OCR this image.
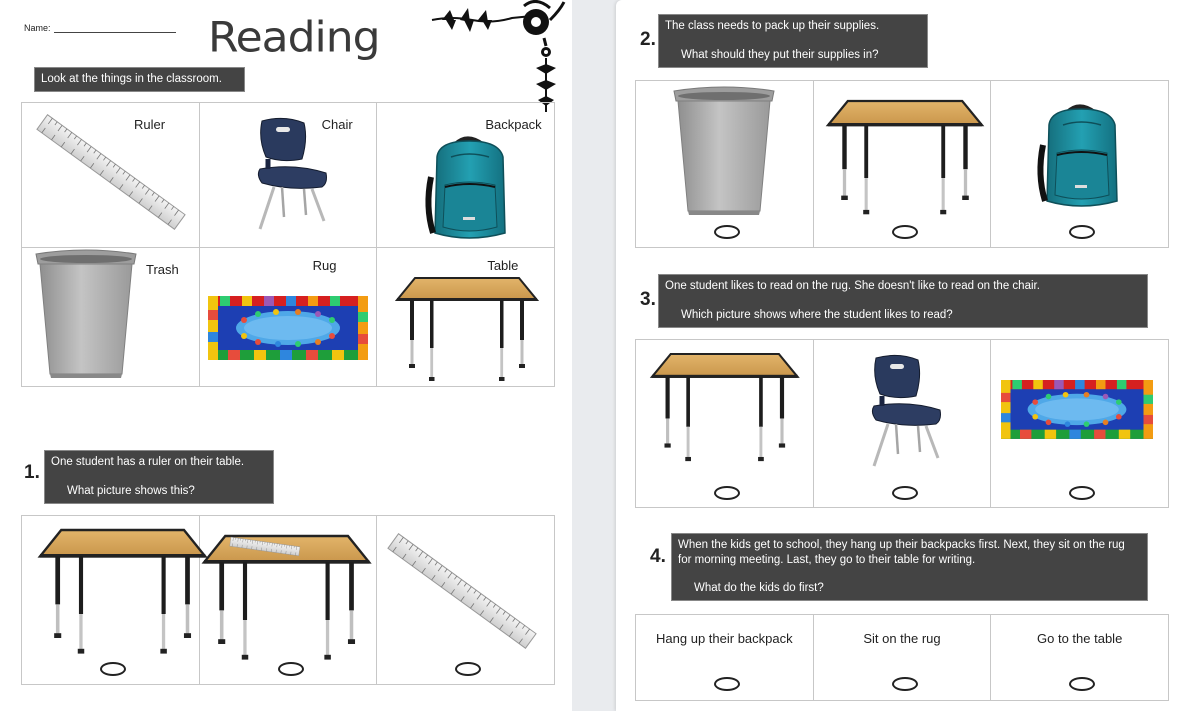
Name:	Reading
Look at the things in the classroom.
Ruler	Chair	Backpack

Trash	Rug	Table
1. One student has a ruler on their table.
What picture shows this?

2.
The class needs to pack up their supplies.
What should they put their supplies in?

3.
One student likes to read on the rug. She doesn't like to read on the chair.
Which picture shows where the student likes to read?

4.
When the kids get to school, they hang up their backpacks first. Next, they sit on the rug for morning meeting. Last, they go to their table for writing.
What do the kids do first?
Hang up their backpack	Sit on the rug	Go to the table
